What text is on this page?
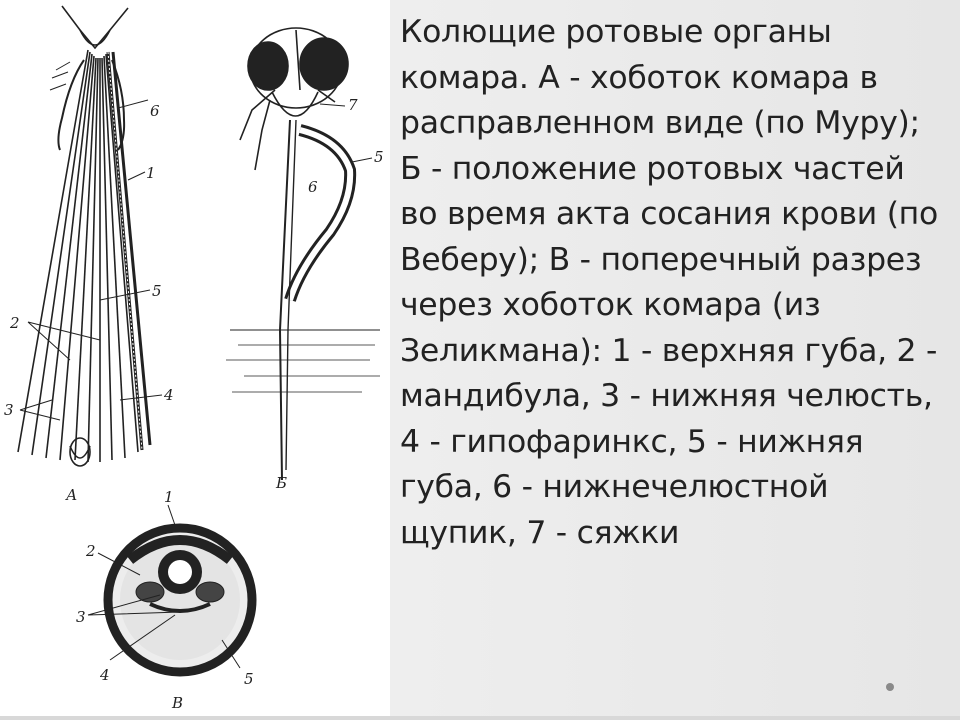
6
1
5
2
3
4
А
7
5
6
Б
1
2
3
4	5
В
Колющие ротовые органы комара. А - хоботок комара в расправленном виде (по Муру); Б - положение ротовых частей во время акта сосания крови (по Веберу); В - поперечный разрез через хоботок комара (из Зеликмана): 1 - верхняя губа, 2 - мандибула, 3 - нижняя челюсть, 4 - гипофаринкс, 5 - нижняя губа, 6 - нижнечелюстной щупик, 7 - сяжки
